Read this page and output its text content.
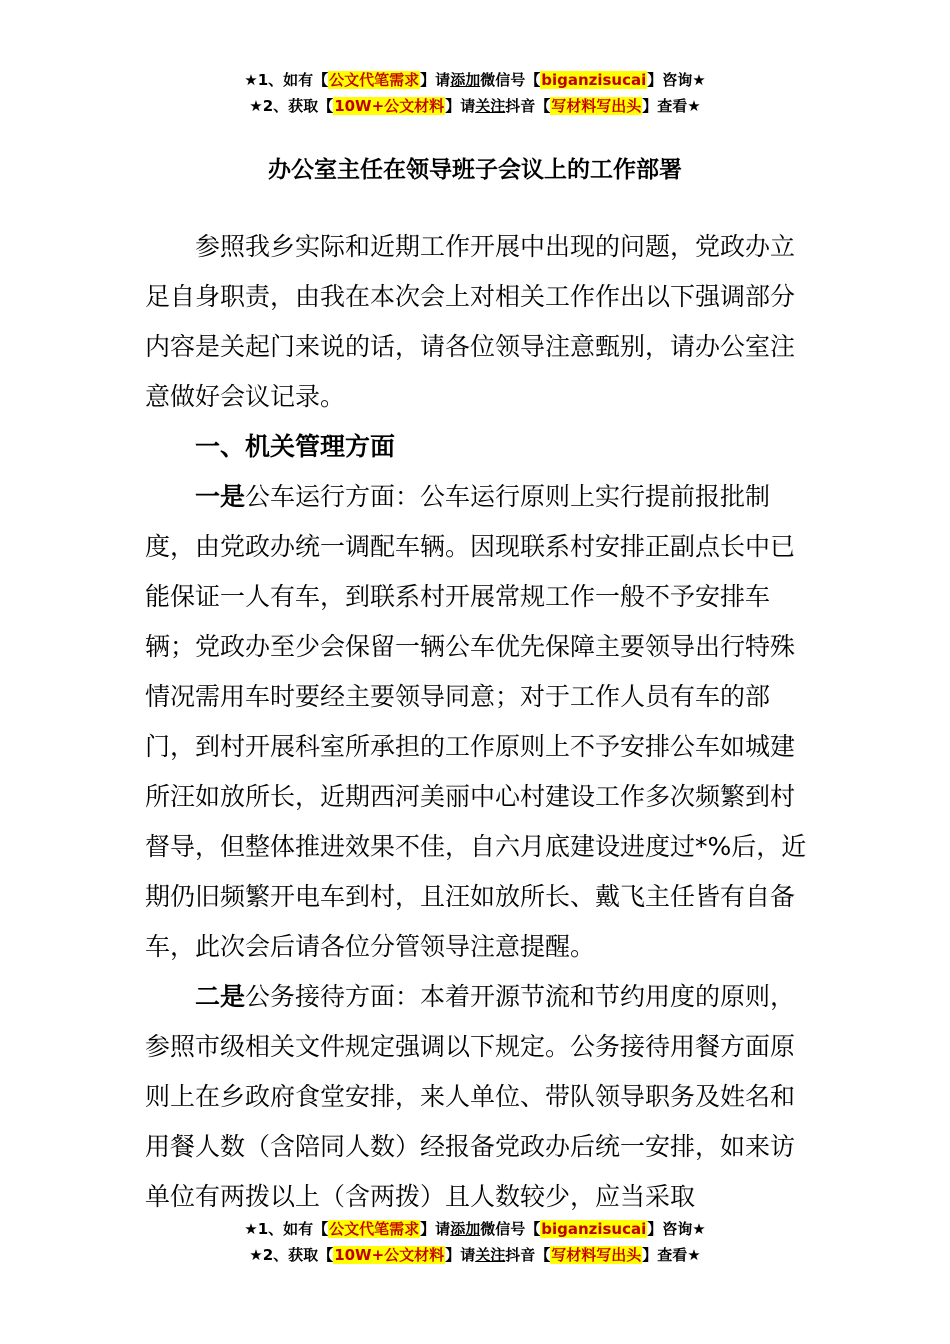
★1、如有【公文代笔需求】请添加微信号【biganzisucai】咨询★
★2、获取【10W+公文材料】请关注抖音【写材料写出头】查看★
办公室主任在领导班子会议上的工作部署

参照我乡实际和近期工作开展中出现的问题，党政办立足自身职责，由我在本次会上对相关工作作出以下强调部分内容是关起门来说的话，请各位领导注意甄别，请办公室注意做好会议记录。

一、机关管理方面

一是公车运行方面：公车运行原则上实行提前报批制度，由党政办统一调配车辆。因现联系村安排正副点长中已能保证一人有车，到联系村开展常规工作一般不予安排车辆；党政办至少会保留一辆公车优先保障主要领导出行特殊情况需用车时要经主要领导同意；对于工作人员有车的部门，到村开展科室所承担的工作原则上不予安排公车如城建所汪如放所长，近期西河美丽中心村建设工作多次频繁到村督导，但整体推进效果不佳，自六月底建设进度过*%后，近期仍旧频繁开电车到村，且汪如放所长、戴飞主任皆有自备车，此次会后请各位分管领导注意提醒。

二是公务接待方面：本着开源节流和节约用度的原则，参照市级相关文件规定强调以下规定。公务接待用餐方面原则上在乡政府食堂安排，来人单位、带队领导职务及姓名和用餐人数（含陪同人数）经报备党政办后统一安排，如来访单位有两拨以上（含两拨）且人数较少，应当采取

★1、如有【公文代笔需求】请添加微信号【biganzisucai】咨询★
★2、获取【10W+公文材料】请关注抖音【写材料写出头】查看★
